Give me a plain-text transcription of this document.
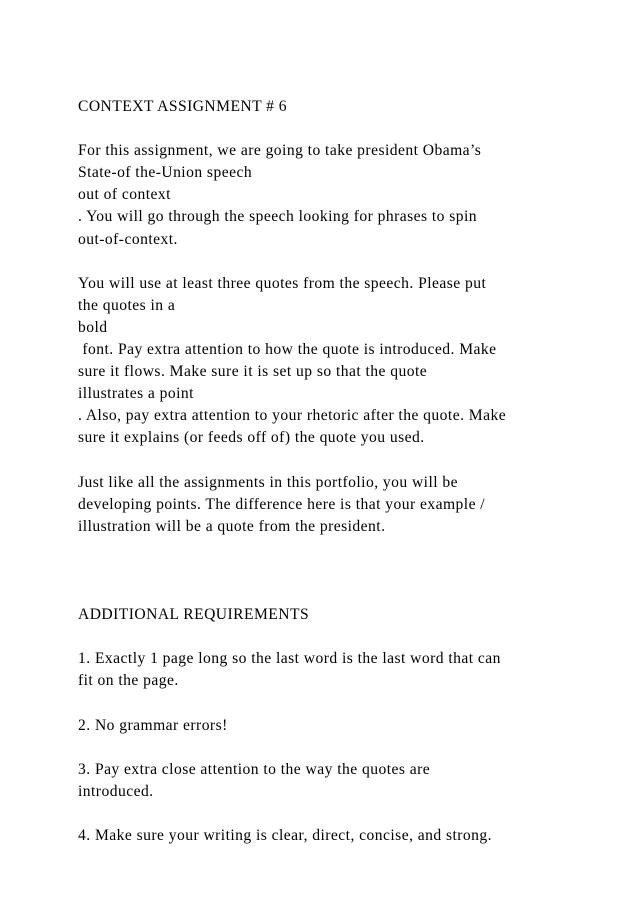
CONTEXT ASSIGNMENT # 6
For this assignment, we are going to take president Obama’s
State-of the-Union speech
out of context
. You will go through the speech looking for phrases to spin
out-of-context.
You will use at least three quotes from the speech. Please put
the quotes in a
bold
font. Pay extra attention to how the quote is introduced. Make
sure it flows. Make sure it is set up so that the quote
illustrates a point
. Also, pay extra attention to your rhetoric after the quote. Make
sure it explains (or feeds off of) the quote you used.
Just like all the assignments in this portfolio, you will be
developing points. The difference here is that your example /
illustration will be a quote from the president.
ADDITIONAL REQUIREMENTS
1. Exactly 1 page long so the last word is the last word that can
fit on the page.
2. No grammar errors!
3. Pay extra close attention to the way the quotes are
introduced.
4. Make sure your writing is clear, direct, concise, and strong.
